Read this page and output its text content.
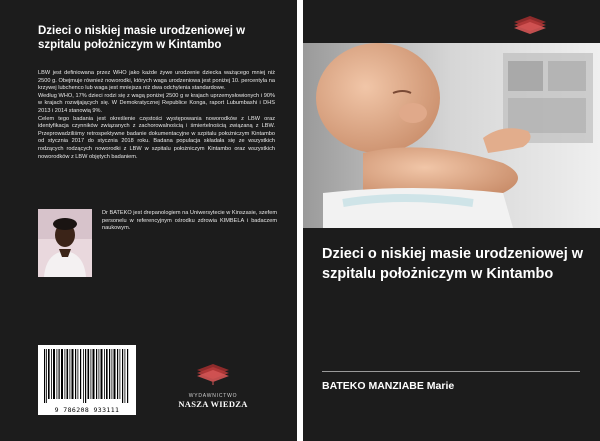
Dzieci o niskiej masie urodzeniowej w szpitalu położniczym w Kintambo

LBW jest definiowana przez WHO jako każde żywe urodzenie dziecka ważącego mniej niż 2500 g. Obejmuje również noworodki, których waga urodzeniowa jest poniżej 10. percentyla na krzywej lubchenco lub waga jest mniejsza niż dwa odchylenia standardowe.

Według WHO, 17% dzieci rodzi się z wagą poniżej 2500 g w krajach uprzemysłowionych i 90% w krajach rozwijających się. W Demokratycznej Republice Konga, raport Lubumbashi i DHS 2013 i 2014 stanowią 9%.

Celem tego badania jest określenie częstości występowania noworodków z LBW oraz identyfikacja czynników związanych z zachorowalnością i śmiertelnością związaną z LBW. Przeprowadziliśmy retrospektywne badanie dokumentacyjne w szpitalu położniczym Kintambo od stycznia 2017 do stycznia 2018 roku. Badana populacja składała się ze wszystkich rodzących rodzących noworodki z LBW w szpitalu położniczym Kintambo oraz wszystkich noworodków z LBW objętych badaniem.

Dr BATEKO jest drepanologiem na Uniwersytecie w Kinszasie, szefem personelu w referencyjnym ośrodku zdrowia KIMBELA i badaczem naukowym.
9 786208 933111
WYDAWNICTWO
NASZA WIEDZA
Dzieci o niskiej masie urodzeniowej w szpitalu położniczym w Kintambo
BATEKO MANZIABE Marie
